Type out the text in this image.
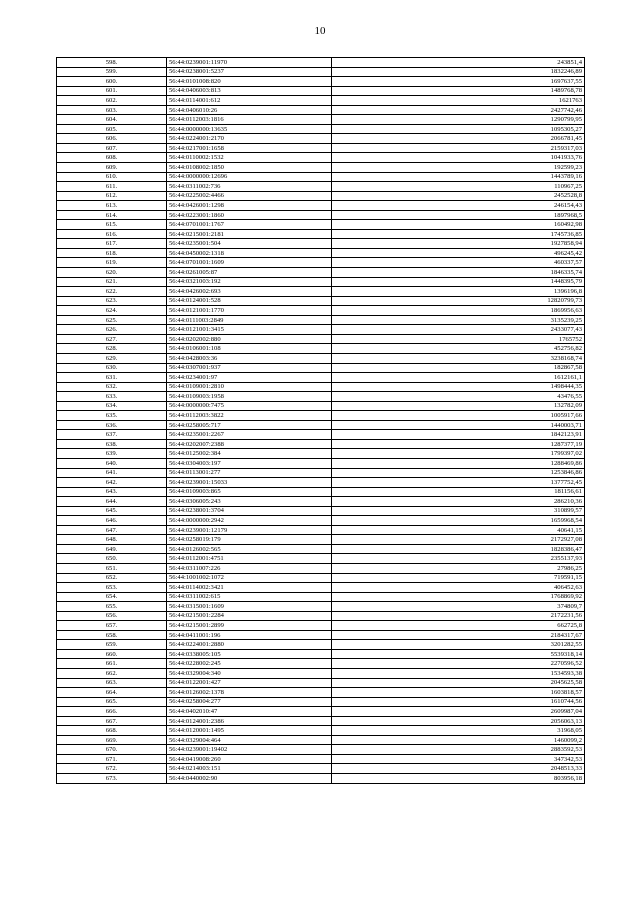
10
598.	56:44:0239001:11970	243851,4
599.	56:44:0238001:5237	1832246,89
600.	56:44:0101008:820	1697637,55
601.	56:44:0406003:813	1489768,78
602.	56:44:0114001:612	1621763
603.	56:44:0406010:26	2427742,46
604.	56:44:0112003:1816	1290799,95
605.	56:44:0000000:13635	1095305,27
606.	56:44:0224001:2170	2066781,45
607.	56:44:0217001:1658	2159317,03
608.	56:44:0110002:1532	1041933,76
609.	56:44:0108002:1850	192599,23
610.	56:44:0000000:12696	1443789,16
611.	56:44:0311002:736	110967,25
612.	56:44:0225002:4466	2452528,8
613.	56:44:0426001:1298	246154,43
614.	56:44:0223001:1860	1897968,5
615.	56:44:0701001:1767	160492,98
616.	56:44:0215001:2181	1745736,85
617.	56:44:0235001:504	1927858,94
618.	56:44:0450002:1318	496245,42
619.	56:44:0701001:1609	460337,57
620.	56:44:0261005:87	1846335,74
621.	56:44:0321003:192	1448395,79
622.	56:44:0426002:693	1396196,8
623.	56:44:0124001:528	12820799,73
624.	56:44:0121001:1770	1869956,63
625.	56:44:0111003:2849	3135239,25
626.	56:44:0121001:3415	2433077,43
627.	56:44:0202002:880	1765752
628.	56:44:0106001:108	452756,82
629.	56:44:0428003:36	3238168,74
630.	56:44:0307001:937	182867,58
631.	56:44:0234001:97	1612161,1
632.	56:44:0109001:2810	1498444,35
633.	56:44:0109003:1958	43476,55
634.	56:44:0000000:7475	132782,09
635.	56:44:0112003:3822	1005917,66
636.	56:44:0258005:717	1440003,71
637.	56:44:0235001:2267	1842123,91
638.	56:44:0202007:2388	1287377,19
639.	56:44:0125002:384	1799397,02
640.	56:44:0304003:197	1288469,86
641.	56:44:0113001:277	1253846,86
642.	56:44:0239001:15033	1377752,45
643.	56:44:0109003:865	181156,61
644.	56:44:0306005:243	286210,36
645.	56:44:0238001:3704	310899,57
646.	56:44:0000000:2942	1659968,54
647.	56:44:0239001:12179	40641,15
648.	56:44:0258019:179	2172927,08
649.	56:44:0126002:565	1828386,47
650.	56:44:0112001:4751	2355137,93
651.	56:44:0311007:226	27986,25
652.	56:44:1001002:1072	719591,15
653.	56:44:0114002:3421	406452,63
654.	56:44:0311002:615	1768869,92
655.	56:44:0315001:1609	374809,7
656.	56:44:0215001:2284	2172231,56
657.	56:44:0215001:2899	662725,8
658.	56:44:0411001:196	2184317,67
659.	56:44:0224001:2880	3201282,55
660.	56:44:0338005:105	5539318,14
661.	56:44:0228002:245	2270596,52
662.	56:44:0329004:340	1534593,38
663.	56:44:0122001:427	2045625,58
664.	56:44:0126002:1378	1603818,57
665.	56:44:0258004:277	1610744,56
666.	56:44:0402010:47	2609987,04
667.	56:44:0124001:2386	2056063,13
668.	56:44:0120001:1495	31968,05
669.	56:44:0329004:464	1460099,2
670.	56:44:0239001:19402	2883592,53
671.	56:44:0419008:260	347342,53
672.	56:44:0214003:151	2048513,33
673.	56:44:0440002:90	803956,18
